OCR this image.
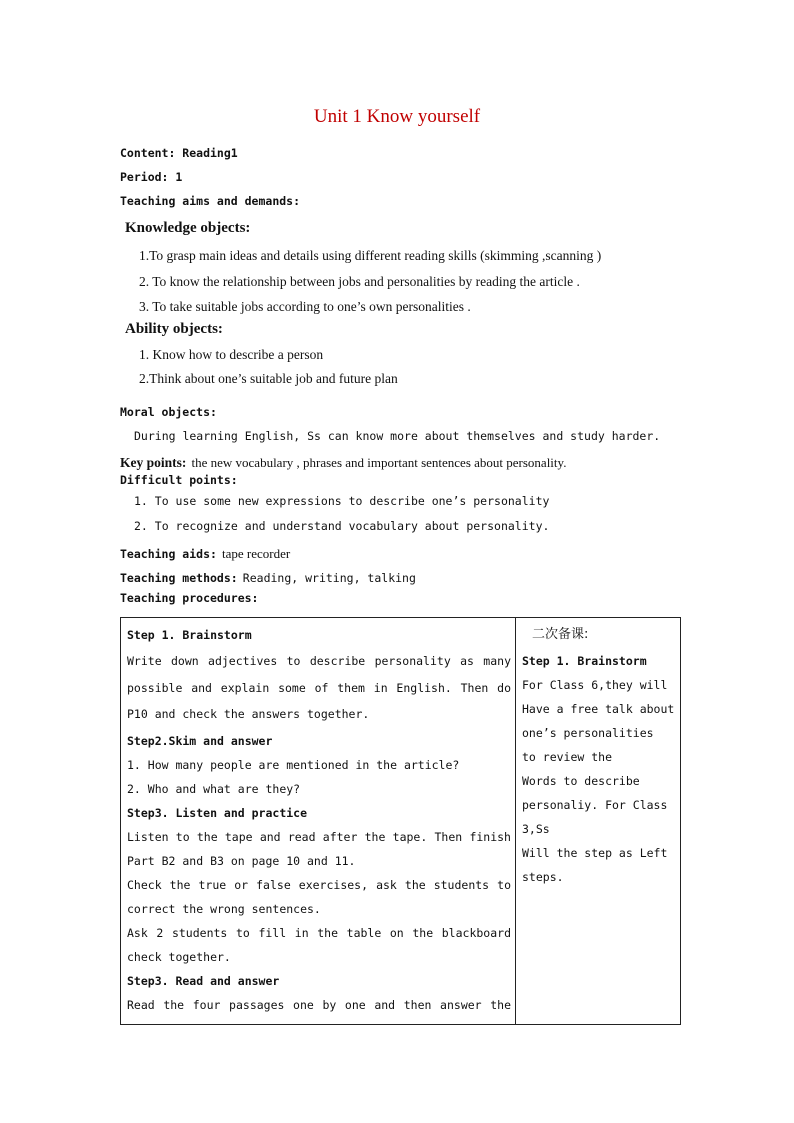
Unit 1 Know yourself
Content: Reading1
Period: 1
Teaching aims and demands:
Knowledge objects:
1.To grasp main ideas and details using different reading skills (skimming ,scanning )
2. To know the relationship between jobs and personalities by reading the article .
3. To take suitable jobs according to one’s own personalities .
Ability objects:
1. Know how to describe a person
2.Think about one’s suitable job and future plan
Moral objects:
During learning English, Ss can know more about themselves and study harder.
Key points: the new vocabulary , phrases and important sentences about personality.
Difficult points:
1. To use some new expressions to describe one’s personality
2. To recognize and understand vocabulary about personality.
Teaching aids: tape recorder
Teaching methods: Reading, writing, talking
Teaching procedures:
Step 1. Brainstorm
Write down adjectives to describe personality as many
possible and explain some of them in English. Then do
P10 and check the answers together.
Step2.Skim and answer
1. How many people are mentioned in the article?
2. Who and what are they?
Step3. Listen and practice
Listen to the tape and read after the tape. Then finish
Part B2 and B3 on page 10 and 11.
Check the true or false exercises, ask the students to
correct the wrong sentences.
Ask 2 students to fill in the table on the blackboard
check together.
Step3. Read and answer
Read the four passages one by one and then answer the
二次备课:
Step 1. Brainstorm
For Class 6,they will
Have a free talk about
one’s personalities
to review the
Words to describe
personaliy. For Class
3,Ss
Will the step as Left
steps.
